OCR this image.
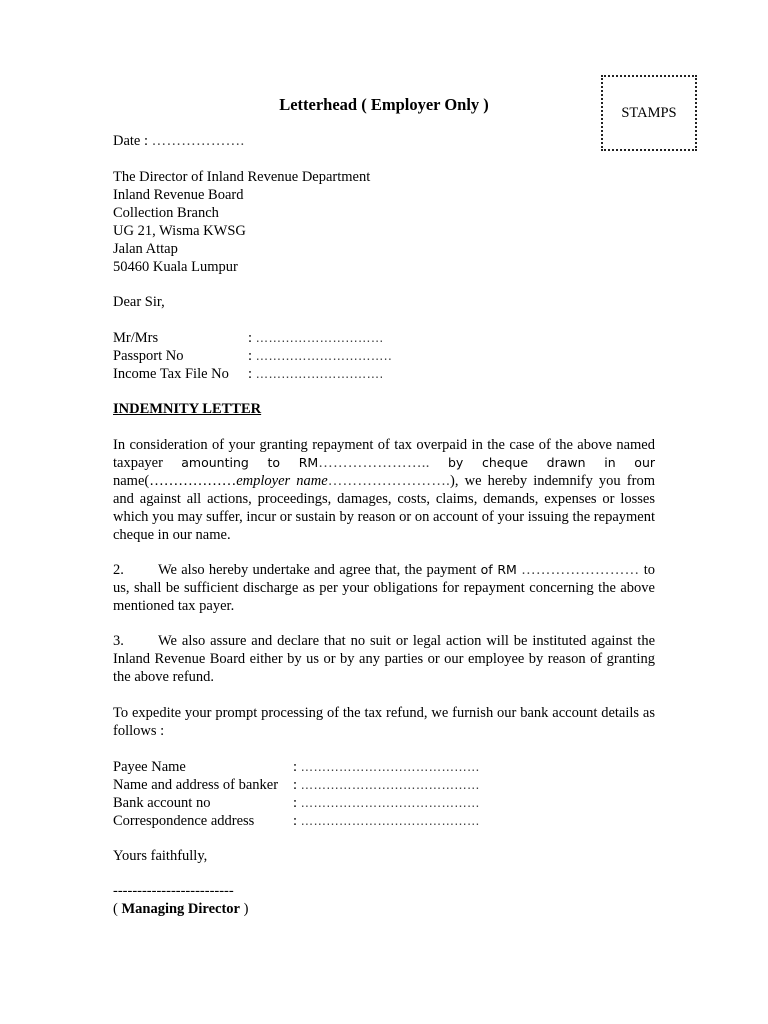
Letterhead ( Employer Only )	STAMPS
Date : ……………….
The Director of Inland Revenue Department
Inland Revenue Board
Collection Branch
UG 21, Wisma KWSG
Jalan Attap
50460 Kuala Lumpur
Dear Sir,
Mr/Mrs	: …………………………
Passport No	: …………………………..
Income Tax File No : ………….……….…….
INDEMNITY LETTER
In consideration of your granting repayment of tax overpaid in the case of the above named taxpayer amounting to RM………………….. by cheque drawn in our name(………………employer name…………………….), we hereby indemnify you from and against all actions, proceedings, damages, costs, claims, demands, expenses or losses which you may suffer, incur or sustain by reason or on account of your issuing the repayment cheque in our name.
2. We also hereby undertake and agree that, the payment of RM …………………… to us, shall be sufficient discharge as per your obligations for repayment concerning the above mentioned tax payer.
3. We also assure and declare that no suit or legal action will be instituted against the Inland Revenue Board either by us or by any parties or our employee by reason of granting the above refund.
To expedite your prompt processing of the tax refund, we furnish our bank account details as follows :
Payee Name	: ……………………………………
Name and address of banker : ……………………………………
Bank account no	: ……………………………………
Correspondence address	: ……………………………………
Yours faithfully,
-------------------------
( Managing Director )
